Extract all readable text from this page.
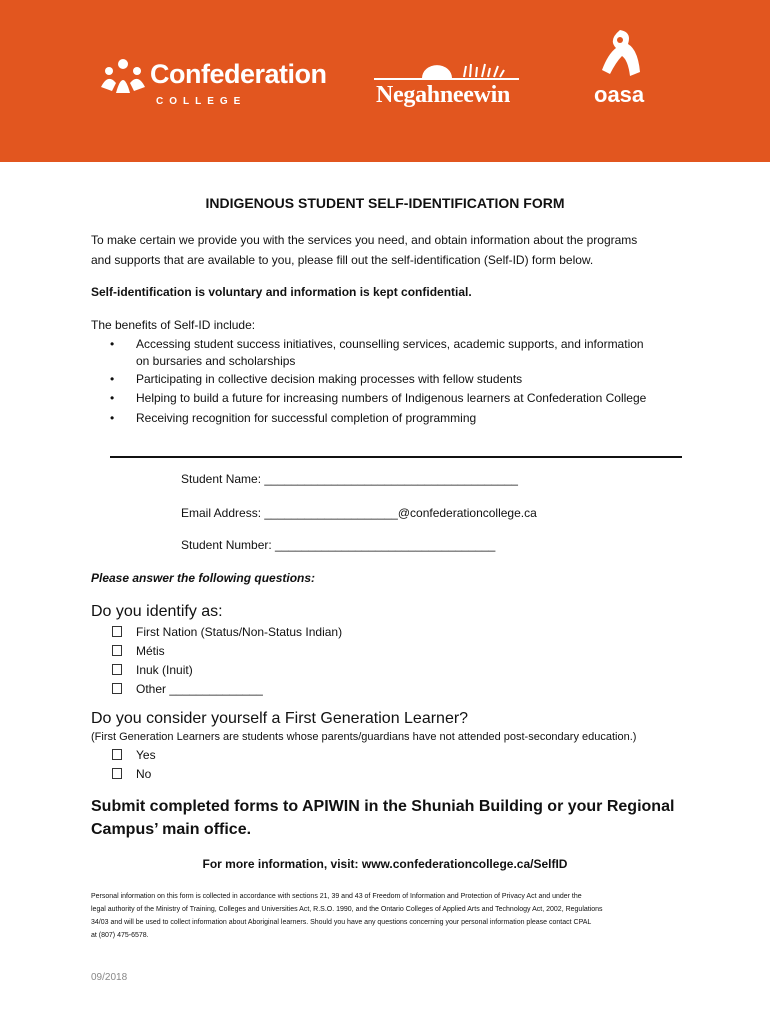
Confederation
COLLEGE	Negahneewin	oasa
INDIGENOUS STUDENT SELF-IDENTIFICATION FORM
To make certain we provide you with the services you need, and obtain information about the programs
and supports that are available to you, please fill out the self-identification (Self-ID) form below.
Self-identification is voluntary and information is kept confidential.
The benefits of Self-ID include:
• Accessing student success initiatives, counselling services, academic supports, and information
on bursaries and scholarships
• Participating in collective decision making processes with fellow students
• Helping to build a future for increasing numbers of Indigenous learners at Confederation College
• Receiving recognition for successful completion of programming
Student Name: ______________________________________
Email Address: ____________________@confederationcollege.ca
Student Number: _________________________________
Please answer the following questions:
Do you identify as:
First Nation (Status/Non-Status Indian)
Métis
Inuk (Inuit)
Other ______________
Do you consider yourself a First Generation Learner?
(First Generation Learners are students whose parents/guardians have not attended post-secondary education.)
Yes
No
Submit completed forms to APIWIN in the Shuniah Building or your Regional
Campus’ main office.
For more information, visit: www.confederationcollege.ca/SelfID
Personal information on this form is collected in accordance with sections 21, 39 and 43 of Freedom of Information and Protection of Privacy Act and under the
legal authority of the Ministry of Training, Colleges and Universities Act, R.S.O. 1990, and the Ontario Colleges of Applied Arts and Technology Act, 2002, Regulations
34/03 and will be used to collect information about Aboriginal learners. Should you have any questions concerning your personal information please contact CPAL
at (807) 475-6578.
09/2018
